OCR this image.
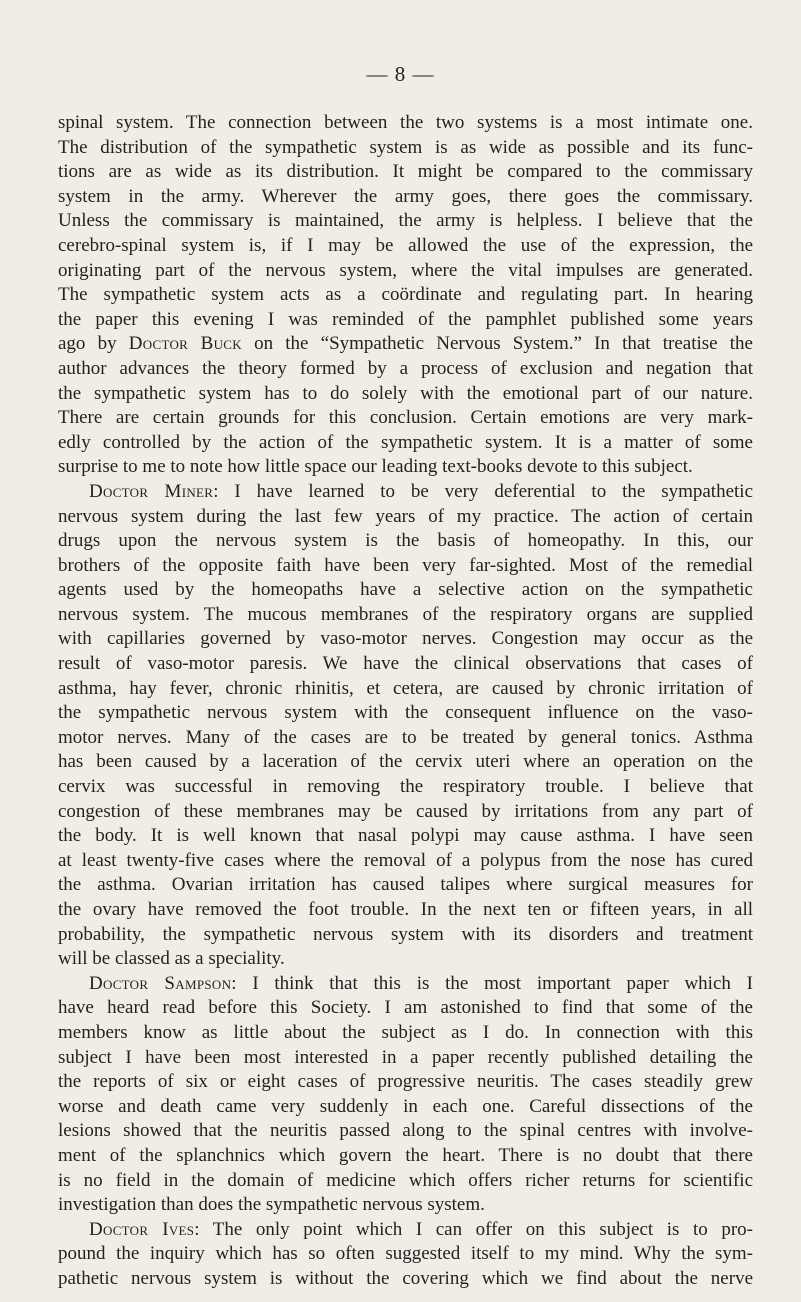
— 8 —
spinal system. The connection between the two systems is a most intimate one.
The distribution of the sympathetic system is as wide as possible and its func-
tions are as wide as its distribution. It might be compared to the commissary
system in the army. Wherever the army goes, there goes the commissary.
Unless the commissary is maintained, the army is helpless. I believe that the
cerebro-spinal system is, if I may be allowed the use of the expression, the
originating part of the nervous system, where the vital impulses are generated.
The sympathetic system acts as a coördinate and regulating part. In hearing
the paper this evening I was reminded of the pamphlet published some years
ago by Doctor Buck on the “Sympathetic Nervous System.” In that treatise the
author advances the theory formed by a process of exclusion and negation that
the sympathetic system has to do solely with the emotional part of our nature.
There are certain grounds for this conclusion. Certain emotions are very mark-
edly controlled by the action of the sympathetic system. It is a matter of some
surprise to me to note how little space our leading text-books devote to this subject.
Doctor Miner: I have learned to be very deferential to the sympathetic
nervous system during the last few years of my practice. The action of certain
drugs upon the nervous system is the basis of homeopathy. In this, our
brothers of the opposite faith have been very far-sighted. Most of the remedial
agents used by the homeopaths have a selective action on the sympathetic
nervous system. The mucous membranes of the respiratory organs are supplied
with capillaries governed by vaso-motor nerves. Congestion may occur as the
result of vaso-motor paresis. We have the clinical observations that cases of
asthma, hay fever, chronic rhinitis, et cetera, are caused by chronic irritation of
the sympathetic nervous system with the consequent influence on the vaso-
motor nerves. Many of the cases are to be treated by general tonics. Asthma
has been caused by a laceration of the cervix uteri where an operation on the
cervix was successful in removing the respiratory trouble. I believe that
congestion of these membranes may be caused by irritations from any part of
the body. It is well known that nasal polypi may cause asthma. I have seen
at least twenty-five cases where the removal of a polypus from the nose has cured
the asthma. Ovarian irritation has caused talipes where surgical measures for
the ovary have removed the foot trouble. In the next ten or fifteen years, in all
probability, the sympathetic nervous system with its disorders and treatment
will be classed as a speciality.
Doctor Sampson: I think that this is the most important paper which I
have heard read before this Society. I am astonished to find that some of the
members know as little about the subject as I do. In connection with this
subject I have been most interested in a paper recently published detailing the
the reports of six or eight cases of progressive neuritis. The cases steadily grew
worse and death came very suddenly in each one. Careful dissections of the
lesions showed that the neuritis passed along to the spinal centres with involve-
ment of the splanchnics which govern the heart. There is no doubt that there
is no field in the domain of medicine which offers richer returns for scientific
investigation than does the sympathetic nervous system.
Doctor Ives: The only point which I can offer on this subject is to pro-
pound the inquiry which has so often suggested itself to my mind. Why the sym-
pathetic nervous system is without the covering which we find about the nerve
